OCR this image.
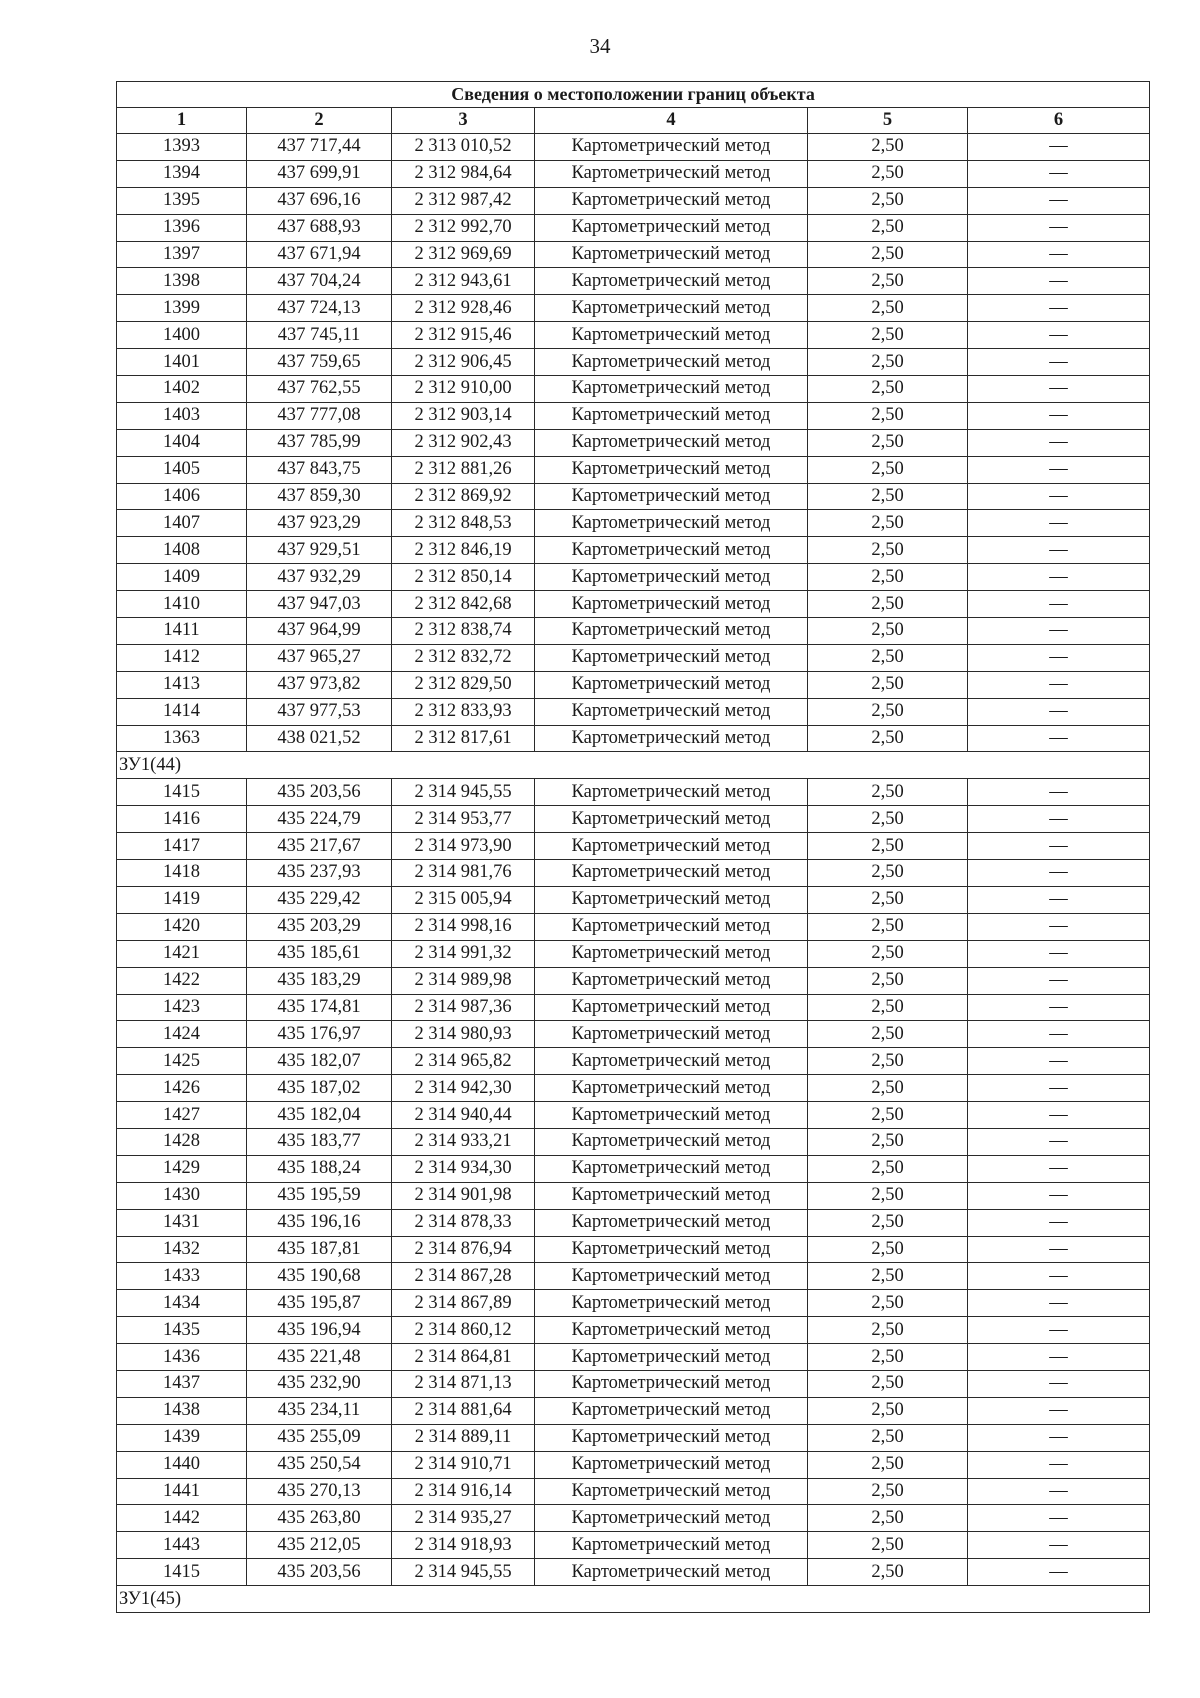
34
Сведения о местоположении границ объекта					
1	2	3	4	5	6
1393	437 717,44	2 313 010,52	Картометрический метод	2,50	—
1394	437 699,91	2 312 984,64	Картометрический метод	2,50	—
1395	437 696,16	2 312 987,42	Картометрический метод	2,50	—
1396	437 688,93	2 312 992,70	Картометрический метод	2,50	—
1397	437 671,94	2 312 969,69	Картометрический метод	2,50	—
1398	437 704,24	2 312 943,61	Картометрический метод	2,50	—
1399	437 724,13	2 312 928,46	Картометрический метод	2,50	—
1400	437 745,11	2 312 915,46	Картометрический метод	2,50	—
1401	437 759,65	2 312 906,45	Картометрический метод	2,50	—
1402	437 762,55	2 312 910,00	Картометрический метод	2,50	—
1403	437 777,08	2 312 903,14	Картометрический метод	2,50	—
1404	437 785,99	2 312 902,43	Картометрический метод	2,50	—
1405	437 843,75	2 312 881,26	Картометрический метод	2,50	—
1406	437 859,30	2 312 869,92	Картометрический метод	2,50	—
1407	437 923,29	2 312 848,53	Картометрический метод	2,50	—
1408	437 929,51	2 312 846,19	Картометрический метод	2,50	—
1409	437 932,29	2 312 850,14	Картометрический метод	2,50	—
1410	437 947,03	2 312 842,68	Картометрический метод	2,50	—
1411	437 964,99	2 312 838,74	Картометрический метод	2,50	—
1412	437 965,27	2 312 832,72	Картометрический метод	2,50	—
1413	437 973,82	2 312 829,50	Картометрический метод	2,50	—
1414	437 977,53	2 312 833,93	Картометрический метод	2,50	—
1363	438 021,52	2 312 817,61	Картометрический метод	2,50	—
ЗУ1(44)					
1415	435 203,56	2 314 945,55	Картометрический метод	2,50	—
1416	435 224,79	2 314 953,77	Картометрический метод	2,50	—
1417	435 217,67	2 314 973,90	Картометрический метод	2,50	—
1418	435 237,93	2 314 981,76	Картометрический метод	2,50	—
1419	435 229,42	2 315 005,94	Картометрический метод	2,50	—
1420	435 203,29	2 314 998,16	Картометрический метод	2,50	—
1421	435 185,61	2 314 991,32	Картометрический метод	2,50	—
1422	435 183,29	2 314 989,98	Картометрический метод	2,50	—
1423	435 174,81	2 314 987,36	Картометрический метод	2,50	—
1424	435 176,97	2 314 980,93	Картометрический метод	2,50	—
1425	435 182,07	2 314 965,82	Картометрический метод	2,50	—
1426	435 187,02	2 314 942,30	Картометрический метод	2,50	—
1427	435 182,04	2 314 940,44	Картометрический метод	2,50	—
1428	435 183,77	2 314 933,21	Картометрический метод	2,50	—
1429	435 188,24	2 314 934,30	Картометрический метод	2,50	—
1430	435 195,59	2 314 901,98	Картометрический метод	2,50	—
1431	435 196,16	2 314 878,33	Картометрический метод	2,50	—
1432	435 187,81	2 314 876,94	Картометрический метод	2,50	—
1433	435 190,68	2 314 867,28	Картометрический метод	2,50	—
1434	435 195,87	2 314 867,89	Картометрический метод	2,50	—
1435	435 196,94	2 314 860,12	Картометрический метод	2,50	—
1436	435 221,48	2 314 864,81	Картометрический метод	2,50	—
1437	435 232,90	2 314 871,13	Картометрический метод	2,50	—
1438	435 234,11	2 314 881,64	Картометрический метод	2,50	—
1439	435 255,09	2 314 889,11	Картометрический метод	2,50	—
1440	435 250,54	2 314 910,71	Картометрический метод	2,50	—
1441	435 270,13	2 314 916,14	Картометрический метод	2,50	—
1442	435 263,80	2 314 935,27	Картометрический метод	2,50	—
1443	435 212,05	2 314 918,93	Картометрический метод	2,50	—
1415	435 203,56	2 314 945,55	Картометрический метод	2,50	—
ЗУ1(45)					
